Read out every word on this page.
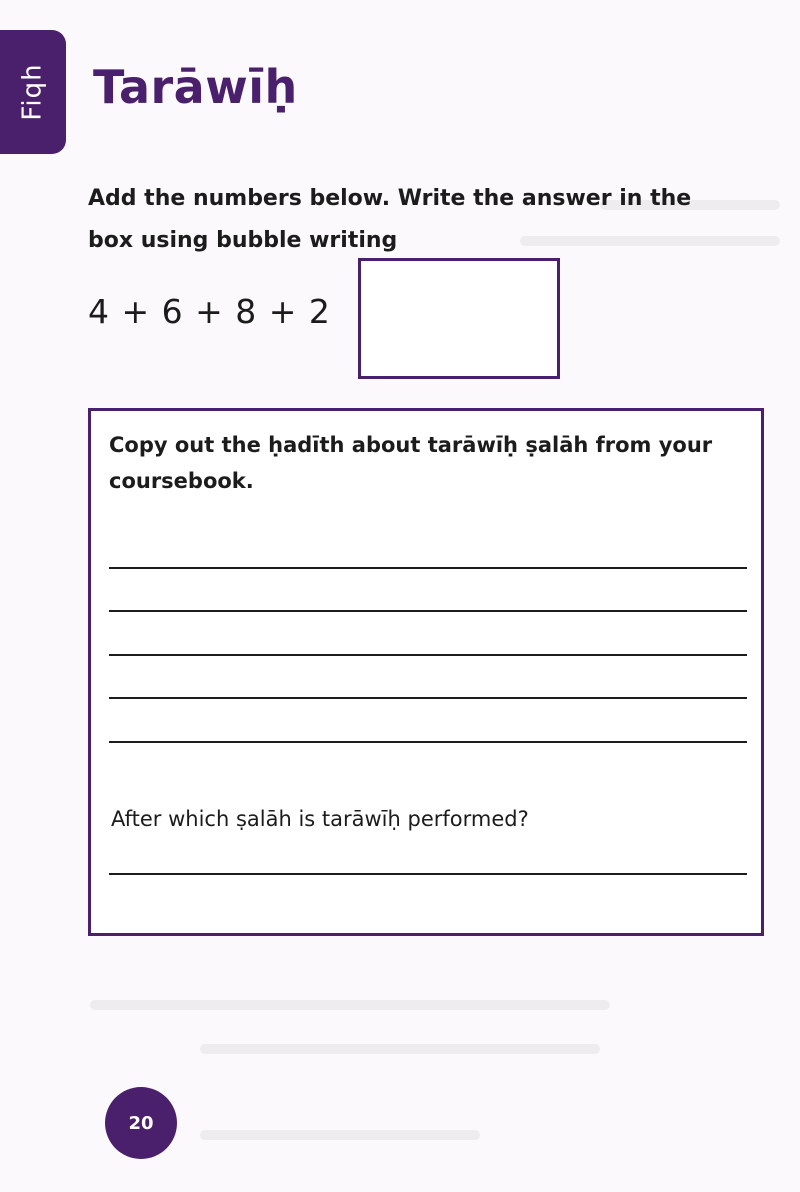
Fiqh Tarāwīḥ
Add the numbers below. Write the answer in the box using bubble writing
4 + 6 + 8 + 2
Copy out the ḥadīth about tarāwīḥ ṣalāh from your coursebook.
After which ṣalāh is tarāwīḥ performed?
20
